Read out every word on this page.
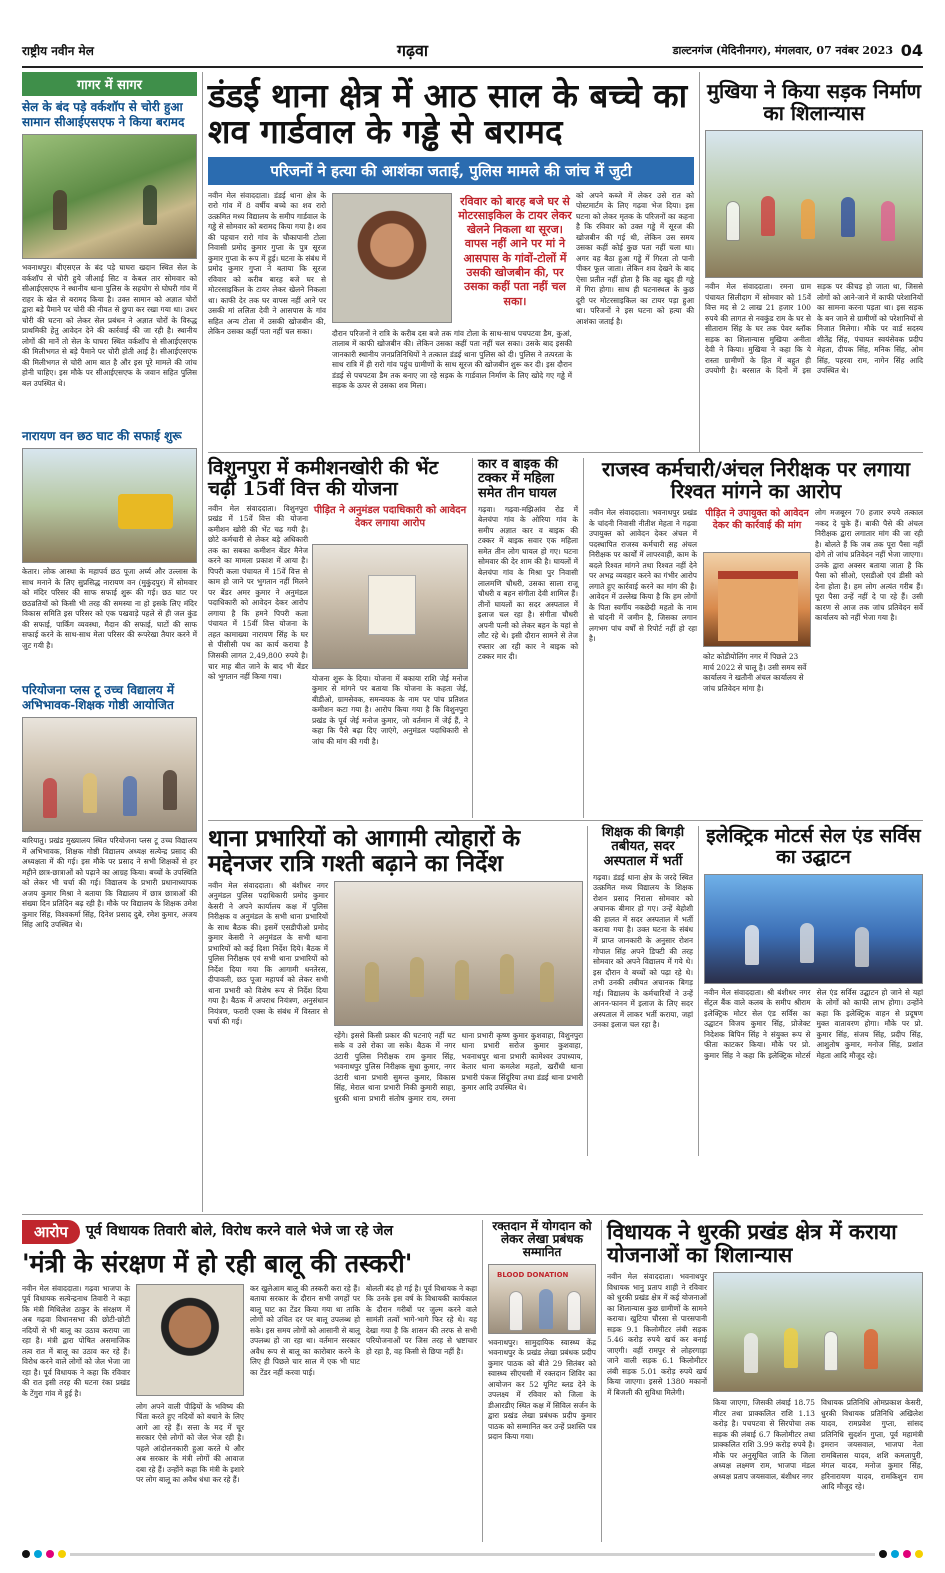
राष्ट्रीय नवीन मेल	गढ़वा	डाल्टनगंज (मेदिनीनगर), मंगलवार, 07 नवंबर 2023 04
गागर में सागर
सेल के बंद पड़े वर्कशॉप से चोरी हुआ सामान सीआईएसएफ ने किया बरामद
भवनाथपुर। बीएसएल के बंद पड़े घाघरा खदान स्थित सेल के वर्कशॉप से चोरी हुये जीआई सिट व केबल तार सोमवार को सीआईएसएफ ने स्थानीय थाना पुलिस के सहयोग से घोघरी गांव में राहर के खेत से बरामद किया है। उक्त सामान को अज्ञात चोरों द्वारा बड़े पैमाने पर चोरी की नीयत से छुपा कर रखा गया था। उधर चोरी की घटना को लेकर सेल प्रबंधन ने अज्ञात चोरों के विरुद्ध प्राथमिकी हेतु आवेदन देने की कार्रवाई की जा रही है। स्थानीय लोगों की मानें तो सेल के घाघरा स्थित वर्कशॉप से सीआईएसएफ की मिलीभगत से बड़े पैमाने पर चोरी होती आई है। सीआईएसएफ की मिलीभगत से चोरी आम बात है और इस पूरे मामले की जांच होनी चाहिए। इस मौके पर सीआईएसएफ के जवान सहित पुलिस बल उपस्थित थे।
नारायण वन छठ घाट की सफाई शुरू
केतार। लोक आस्था के महापर्व छठ पूजा अर्घ्य और उल्लास के साथ मनाने के लिए सुप्रसिद्ध नारायण वन (मुकुंदपुर) में सोमवार को मंदिर परिसर की साफ सफाई शुरू की गई। छठ घाट पर छठव्रतियों को किसी भी तरह की समस्या ना हो इसके लिए मंदिर विकास समिति इस परिसर को एक पखवाड़े पहले से ही जल कुंड की सफाई, पार्किंग व्यवस्था, मैदान की सफाई, घाटों की साफ सफाई करने के साथ-साथ मेला परिसर की रूपरेखा तैयार करने में जुट गयी है।
परियोजना प्लस टू उच्च विद्यालय में अभिभावक-शिक्षक गोष्ठी आयोजित
बारियातु। प्रखंड मुख्यालय स्थित परियोजना प्लस टू उच्च विद्यालय में अभिभावक, शिक्षक गोष्ठी विद्यालय अध्यक्ष सत्येन्द्र प्रसाद की अध्यक्षता में की गई। इस मौके पर प्रसाद ने सभी शिक्षकों से हर महीने छात्र-छात्राओं को पढ़ाने का आग्रह किया। बच्चों के उपस्थिति को लेकर भी चर्चा की गई। विद्यालय के प्रभारी प्रधानाध्यापक अजय कुमार मिश्रा ने बताया कि विद्यालय में छात्र छात्राओं की संख्या दिन प्रतिदिन बढ़ रही है। मौके पर विद्यालय के शिक्षक उमेश कुमार सिंह, विश्वकर्मा सिंह, दिनेश प्रसाद दुबे, रमेश कुमार, अजय सिंह आदि उपस्थित थे।
डंडई थाना क्षेत्र में आठ साल के बच्चे का शव गार्डवाल के गड्ढे से बरामद
परिजनों ने हत्या की आशंका जताई, पुलिस मामले की जांच में जुटी
नवीन मेल संवाददाता। डंडई थाना क्षेत्र के रारो गांव में 8 वर्षीय बच्चे का शव रारो उत्क्रमित मध्य विद्यालय के समीप गार्डवाल के गड्ढे से सोमवार को बरामद किया गया है। शव की पहचान रारो गांव के चौकापानी टोला निवासी प्रमोद कुमार गुप्ता के पुत्र सूरज कुमार गुप्ता के रूप में हुई। घटना के संबंध में प्रमोद कुमार गुप्ता ने बताया कि सूरज रविवार को करीब बारह बजे घर से मोटरसाइकिल के टायर लेकर खेलने निकला था। काफी देर तक घर वापस नहीं आने पर उसकी मां ललिता देवी ने आसपास के गांव सहित अन्य टोला में उसकी खोजबीन की, लेकिन उसका कहीं पता नहीं चल सका।	दौरान परिजनों ने रात्रि के करीब दस बजे तक गांव टोला के साथ-साथ पचपटवा डैम, कुआं, तालाब में काफी खोजबीन की। लेकिन उसका कहीं पता नहीं चल सका। उसके बाद इसकी जानकारी स्थानीय जनप्रतिनिधियों ने तत्काल डंडई थाना पुलिस को दी। पुलिस ने तत्परता के साथ रात्रि में ही रारो गांव पहुंच ग्रामीणों के साथ सूरज की खोजबीन शुरू कर दी। इस दौरान डंडई से पचपटवा डैम तक बनाए जा रहे सड़क के गार्डवाल निर्माण के लिए खोदे गए गड्ढे में सड़क के ऊपर से उसका शव मिला।
रविवार को बारह बजे घर से मोटरसाइकिल के टायर लेकर खेलने निकला था सूरज। वापस नहीं आने पर मां ने आसपास के गांवों-टोलों में उसकी खोजबीन की, पर उसका कहीं पता नहीं चल सका।
को अपने कब्जे में लेकर उसे रात को पोस्टमार्टम के लिए गढ़वा भेज दिया। इस घटना को लेकर मृतक के परिजनों का कहना है कि रविवार को उक्त गड्ढे में सूरज की खोजबीन की गई थी, लेकिन उस समय उसका कहीं कोई कुछ पता नहीं चला था। अगर वह बैठा हुआ गड्ढे में गिरता तो पानी पीकर फूल जाता। लेकिन शव देखने के बाद ऐसा प्रतीत नहीं होता है कि वह खुद ही गड्ढे में गिरा होगा। साथ ही घटनास्थल के कुछ दूरी पर मोटरसाइकिल का टायर पड़ा हुआ था। परिजनों ने इस घटना को हत्या की आशंका जताई है।
मुखिया ने किया सड़क निर्माण का शिलान्यास
नवीन मेल संवाददाता। रमना ग्राम पंचायत सिलीदाग में सोमवार को 15वें वित्त मद से 2 लाख 21 हजार 100 रुपये की लागत से नवकुंड राम के घर से सीताराम सिंह के घर तक पेवर ब्लॉक सड़क का शिलान्यास मुखिया अनीता देवी ने किया। मुखिया ने कहा कि ये रास्ता ग्रामीणों के हित में बहुत ही उपयोगी है। बरसात के दिनों में इस सड़क पर कीचड़ हो जाता था, जिससे लोगों को आने-जाने में काफी परेशानियों का सामना करना पड़ता था। इस सड़क के बन जाने से ग्रामीणों को परेशानियों से निजात मिलेगा। मौके पर वार्ड सदस्य शीतेंद्र सिंह, पंचायत स्वयंसेवक प्रदीप मेहता, दीपक सिंह, मनिक सिंह, ओम सिंह, पहरवा राम, नागेन सिंह आदि उपस्थित थे।
विशुनपुरा में कमीशनखोरी की भेंट चढ़ी 15वीं वित्त की योजना
नवीन मेल संवाददाता। विशुनपुरा प्रखंड में 15वें वित्त की योजना कमीशन खोरी की भेंट चढ़ गयी है। छोटे कर्मचारी से लेकर बड़े अधिकारी तक का सबका कमीशन बेंडर मैनेज करने का मामला प्रकाश में आया है। पिपरी कला पंचायत में 15वें वित्त से काम हो जाने पर भुगतान नहीं मिलने पर बेंडर अमर कुमार ने अनुमंडल पदाधिकारी को आवेदन देकर आरोप लगाया है कि हमने पिपरी कला पंचायत में 15वीं वित्त योजना के तहत कामाख्या नारायण सिंह के घर से पीसीसी पथ का कार्य कराया है जिसकी लागत 2,49,800 रुपये है। चार माह बीत जाने के बाद भी बेंडर को भुगतान नहीं किया गया।
पीड़ित ने अनुमंडल पदाधिकारी को आवेदन देकर लगाया आरोप
योजना शुरू के दिया। योजना में बकाया राशि जेई मनोज कुमार से मांगने पर बताया कि योजना के कहता जेई, बीडीओ, ग्रामसेवक, समन्वयक के नाम पर पांच प्रतिशत कमीशन कटा गया है। आरोप किया गया है कि विशुनपुरा प्रखंड के पूर्व जेई मनोज कुमार, जो वर्तमान में जेई हैं, ने कहा कि पैसे बढ़ा दिए जाएंगे, अनुमंडल पदाधिकारी से जांच की मांग की गयी है।
कार व बाइक की टक्कर में महिला समेत तीन घायल
गढ़वा। गढ़वा-मझिआंव रोड में बेलचंपा गांव के ओरिया गांव के समीप अज्ञात कार व बाइक की टक्कर में बाइक सवार एक महिला समेत तीन लोग घायल हो गए। घटना सोमवार की देर शाम की है। घायलों में बेलचंपा गांव के मिश्रा पुर निवासी लालमणि चौधरी, उसका साला राजू चौधरी व बहन संगीता देवी शामिल हैं। तीनों घायलों का सदर अस्पताल में इलाज चल रहा है। संगीता चौधरी अपनी पत्नी को लेकर बहन के यहां से लौट रहे थे। इसी दौरान सामने से तेज रफ्तार आ रही कार ने बाइक को टक्कर मार दी।
राजस्व कर्मचारी/अंचल निरीक्षक पर लगाया रिश्वत मांगने का आरोप
नवीन मेल संवाददाता। भवनाथपुर प्रखंड के चांदनी निवासी नीतीश मेहता ने गढ़वा उपायुक्त को आवेदन देकर अंचल में पदस्थापित राजस्व कर्मचारी सह अंचल निरीक्षक पर कार्यों में लापरवाही, काम के बदले रिश्वत मांगने तथा रिश्वत नहीं देने पर अभद्र व्यवहार करने का गंभीर आरोप लगाते हुए कार्रवाई करने का मांग की है। आवेदन में उल्लेख किया है कि हम लोगों के पिता स्वर्गीय नकछेदी महतो के नाम से चांदनी में जमीन है, जिसका लगान लगभग पांच वर्षों से रिपोर्ट नहीं हो रहा है।
पीड़ित ने उपायुक्त को आवेदन देकर की कार्रवाई की मांग
कोट कोडीयोलिंग नगर में पिछले 23 मार्च 2022 से चालू है। उसी समय सर्वे कार्यालय ने खतौनी अंचल कार्यालय से जांच प्रतिवेदन मांगा है।
लोग मजबूरन 70 हजार रुपये तत्काल नकद दे चुके हैं। बाकी पैसे की अंचल निरीक्षक द्वारा लगातार मांग की जा रही है। बोलते हैं कि जब तक पूरा पैसा नहीं दोगे तो जांच प्रतिवेदन नहीं भेजा जाएगा। उनके द्वारा अक्सर बताया जाता है कि पैसा को सीओ, एसडीओ एवं डीसी को देना होता है। हम लोग अत्यंत गरीब हैं। पूरा पैसा उन्हें नहीं दे पा रहे हैं। उसी कारण से आज तक जांच प्रतिवेदन सर्वे कार्यालय को नहीं भेजा गया है।
थाना प्रभारियों को आगामी त्योहारों के मद्देनजर रात्रि गश्ती बढ़ाने का निर्देश
नवीन मेल संवाददाता। श्री बंशीधर नगर अनुमंडल पुलिस पदाधिकारी प्रमोद कुमार केसरी ने अपने कार्यालय कक्ष में पुलिस निरीक्षक व अनुमंडल के सभी थाना प्रभारियों के साथ बैठक की। इसमें एसडीपीओ प्रमोद कुमार केसरी ने अनुमंडल के सभी थाना प्रभारियों को कई दिशा निर्देश दिये। बैठक में पुलिस निरीक्षक एवं सभी थाना प्रभारियों को निर्देश दिया गया कि आगामी धनतेरस, दीपावली, छठ पूजा महापर्व को लेकर सभी थाना प्रभारी को विशेष रूप से निर्देश दिया गया है। बैठक में अपराध नियंत्रण, अनुसंधान नियंत्रण, फरारी एक्स के संबंध में विस्तार से चर्चा की गई।
रहेंगे। इससे किसी प्रकार की घटनाएं नहीं घट सके व उसे रोका जा सके। बैठक में नगर उंटारी पुलिस निरीक्षक राम कुमार सिंह, भवनाथपुर पुलिस निरीक्षक सुधा कुमार, नगर उंटारी थाना प्रभारी सुमन्त कुमार, विकास सिंह, मेराल थाना प्रभारी निकी कुमारी साहा, धुरकी थाना प्रभारी संतोष कुमार राय, रमना थाना प्रभारी कृष्ण कुमार कुशवाहा, विशुनपुरा थाना प्रभारी सरोज कुमार कुशवाहा, भवनाथपुर थाना प्रभारी कामेश्वर उपाध्याय, केतार थाना कमलेश महतो, खरौंधी थाना प्रभारी पंकज सिंदूरिया तथा डंडई थाना प्रभारी कुमार आदि उपस्थित थे।
शिक्षक की बिगड़ी तबीयत, सदर अस्पताल में भर्ती
गढ़वा। डंडई थाना क्षेत्र के जरदे स्थित उत्क्रमित मध्य विद्यालय के शिक्षक रोशन प्रसाद निराला सोमवार को अचानक बीमार हो गए। उन्हें बेहोशी की हालत में सदर अस्पताल में भर्ती कराया गया है। उक्त घटना के संबंध में प्राप्त जानकारी के अनुसार रोशन गोपाल सिंह अपने डिफ्टी की तरह सोमवार को अपने विद्यालय में गये थे। इस दौरान वे बच्चों को पढ़ा रहे थे। तभी उनकी तबीयत अचानक बिगड़ गई। विद्यालय के कर्मचारियों ने उन्हें आनन-फानन में इलाज के लिए सदर अस्पताल में लाकर भर्ती कराया, जहां उनका इलाज चल रहा है।
इलेक्ट्रिक मोटर्स सेल एंड सर्विस का उद्घाटन
नवीन मेल संवाददाता। श्री बंशीधर नगर सेंट्रल बैंक वाले कलब के समीप श्रीराम इलेक्ट्रिक मोटर सेल एंड सर्विस का उद्घाटन विजय कुमार सिंह, प्रोजेक्ट निदेशक बिपिन सिंह ने संयुक्त रूप से फीता काटकर किया। मौके पर प्रो. कुमार सिंह ने कहा कि इलेक्ट्रिक मोटर्स सेल एंड सर्विस उद्घाटन हो जाने से यहां के लोगों को काफी लाभ होगा। उन्होंने कहा कि इलेक्ट्रिक वाहन से प्रदूषण मुक्त वातावरण होगा। मौके पर प्रो. कुमार सिंह, संजय सिंह, प्रदीप सिंह, आशुतोष कुमार, मनोज सिंह, प्रशांत मेहता आदि मौजूद रहे।
आरोप	पूर्व विधायक तिवारी बोले, विरोध करने वाले भेजे जा रहे जेल
'मंत्री के संरक्षण में हो रही बालू की तस्करी'
नवीन मेल संवाददाता। गढ़वा भाजपा के पूर्व विधायक सत्येन्द्रनाथ तिवारी ने कहा कि मंत्री मिथिलेश ठाकुर के संरक्षण में अब गढ़वा विधानसभा की छोटी-छोटी नदियों से भी बालू का उठाव कराया जा रहा है। मंत्री द्वारा पोषित असमाजिक तत्व रात में बालू का उठाव कर रहे हैं। विरोध करने वाले लोगों को जेल भेजा जा रहा है। पूर्व विधायक ने कहा कि रविवार की रात इसी तरह की घटना रंका प्रखंड के टेंगुरा गांव में हुई है।
लोग अपने वाली पीढ़ियों के भविष्य की चिंता करते हुए नदियों को बचाने के लिए आगे आ रहे हैं। सत्ता के मद में चूर सरकार ऐसे लोगों को जेल भेज रही है। पहले आंदोलनकारी हुआ करते थे और अब सरकार के मंत्री लोगों की आवाज दबा रहे हैं। उन्होंने कहा कि मंत्री के इशारे पर लोग बालू का अवैध धंधा कर रहे हैं।
कर खुलेआम बालू की तस्करी करा रहे हैं। बताया सरकार के दौरान सभी जगहों पर बालू घाट का टेंडर किया गया था ताकि लोगों को उचित दर पर बालू उपलब्ध हो सके। इस समय लोगों को आसानी से बालू उपलब्ध हो जा रहा था। वर्तमान सरकार अवैध रूप से बालू का कारोबार करने के लिए ही पिछले चार साल में एक भी घाट का टेंडर नहीं करवा पाई।
बोलती बंद हो गई है। पूर्व विधायक ने कहा कि उनके इस वर्ष के विधायकी कार्यकाल के दौरान गरीबों पर जुल्म करने वाले सामंती तत्वों भागे-भागे फिर रहे थे। यह देखा गया है कि शासन की तरफ से सभी परियोजनाओं पर जिस तरह से भ्रष्टाचार हो रहा है, वह किसी से छिपा नहीं है।
रक्तदान में योगदान को लेकर लेखा प्रबंधक सम्मानित
BLOOD DONATION
भवनाथपुर। सामुदायिक स्वास्थ्य केंद्र भवनाथपुर के प्रखंड लेखा प्रबंधक प्रदीप कुमार पाठक को बीते 29 सितंबर को स्वास्थ्य सीएचसी में रक्तदान शिविर का आयोजन कर 52 यूनिट ब्लड देने के उपलक्ष्य में रविवार को जिला के डीआरडीए स्थित कक्ष में सिविल सर्जन के द्वारा प्रखंड लेखा प्रबंधक प्रदीप कुमार पाठक को सम्मानित कर उन्हें प्रशस्ति पत्र प्रदान किया गया।
विधायक ने धुरकी प्रखंड क्षेत्र में कराया योजनाओं का शिलान्यास
नवीन मेल संवाददाता। भवनाथपुर विधायक भानु प्रताप शाही ने रविवार को धुरकी प्रखंड क्षेत्र में कई योजनाओं का शिलान्यास कुछ ग्रामीणों के सामने कराया। खुटिया चौरसा से पारसपानी सड़क 9.1 किलोमीटर लंबी सड़क 5.46 करोड़ रुपये खर्च कर बनाई जाएगी। वहीं रामपुर से लोहरगाड़ा जाने वाली सड़क 6.1 किलोमीटर लंबी सड़क 5.01 करोड़ रुपये खर्च किया जाएगा। इससे 1380 मकानों में बिजली की सुविधा मिलेगी।
किया जाएगा, जिसकी लंबाई 18.75 मीटर तथा प्राक्कलित राशि 1.13 करोड़ है। पचपटवा से सिरपोचा तक सड़क की लंबाई 6.7 किलोमीटर तथा प्राक्कलित राशि 3.99 करोड़ रुपये है। मौके पर अनुसूचित जाति के जिला अध्यक्ष लक्ष्मण राम, भाजपा मंडल अध्यक्ष प्रताप जयसवाल, बंशीधर नगर
विधायक प्रतिनिधि ओमप्रकाश केसरी, धुरकी विधायक प्रतिनिधि अखिलेश यादव, रामप्रवेश गुप्ता, सांसद प्रतिनिधि सुदर्शन गुप्ता, पूर्व महामंत्री इमरान जयसवाल, भाजपा नेता रामबिलास यादव, शशि कमलापुरी, मंगल यादव, मनोज कुमार सिंह, हरिनारायण यादव, रामकिशुन राम आदि मौजूद रहे।
